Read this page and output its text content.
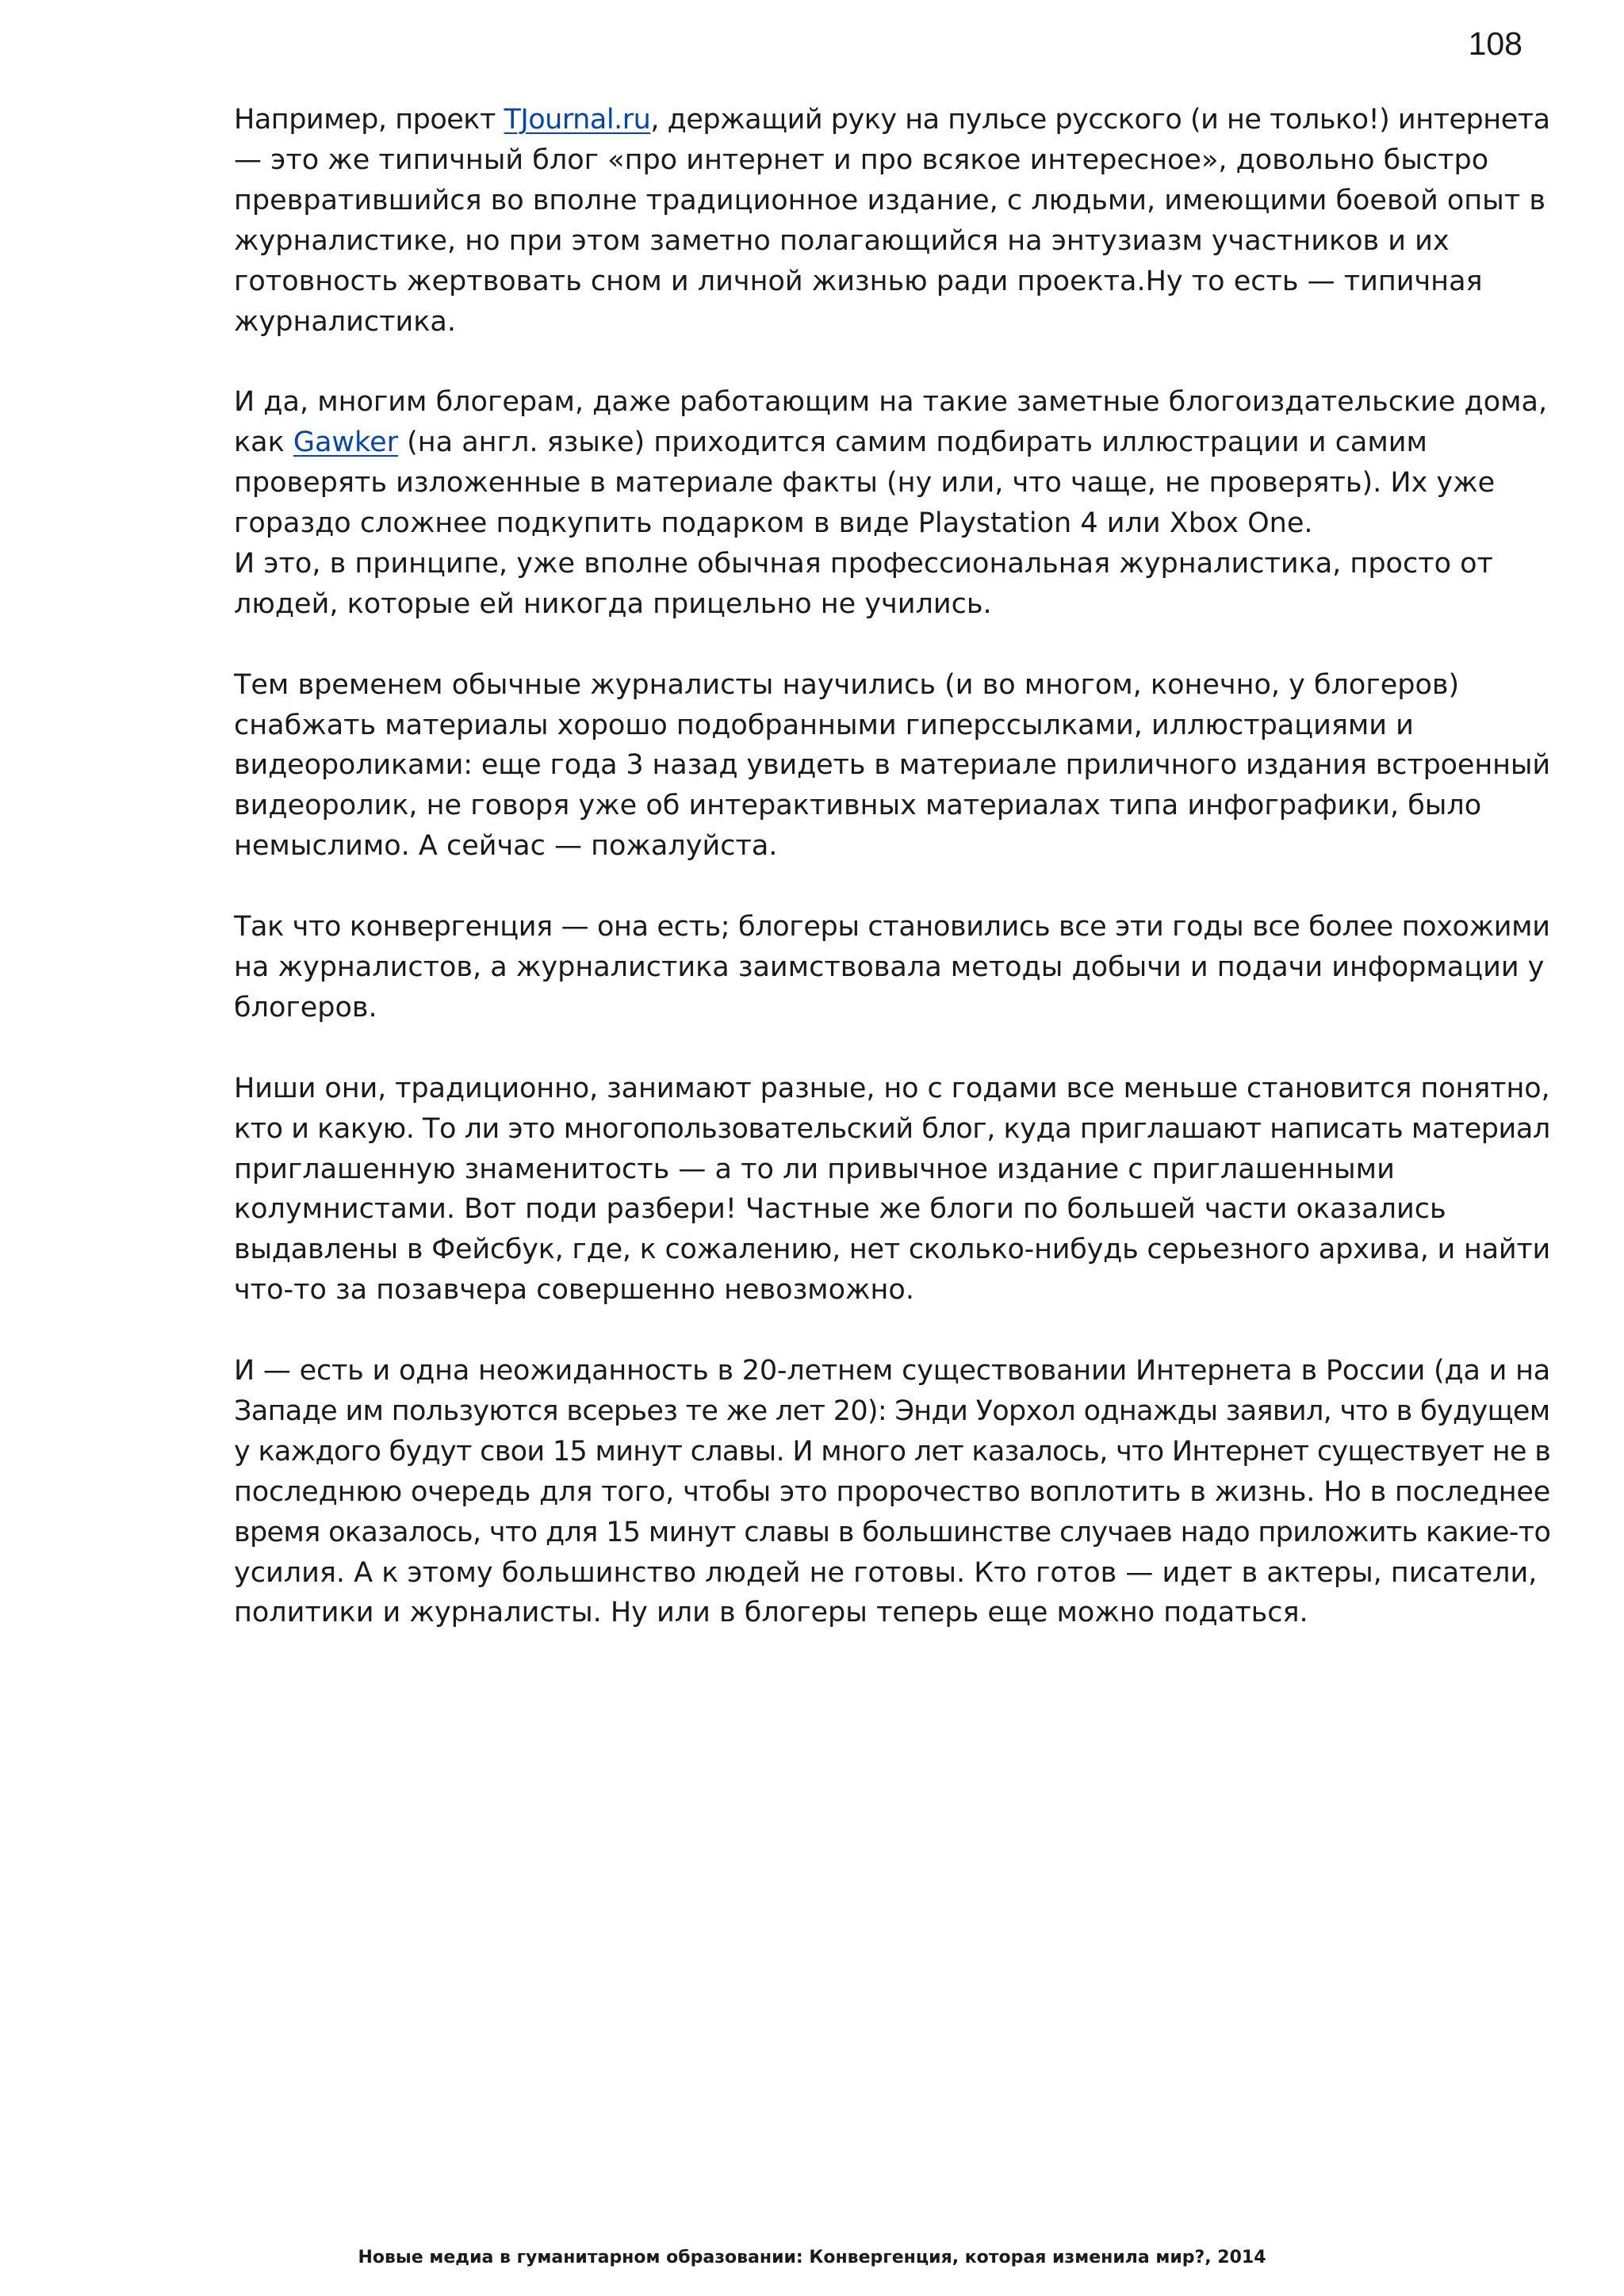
108
Например, проект TJournal.ru, держащий руку на пульсе русского (и не только!) интернета
— это же типичный блог «про интернет и про всякое интересное», довольно быстро
превратившийся во вполне традиционное издание, с людьми, имеющими боевой опыт в
журналистике, но при этом заметно полагающийся на энтузиазм участников и их
готовность жертвовать сном и личной жизнью ради проекта.Ну то есть — типичная
журналистика.
И да, многим блогерам, даже работающим на такие заметные блогоиздательские дома,
как Gawker (на англ. языке) приходится самим подбирать иллюстрации и самим
проверять изложенные в материале факты (ну или, что чаще, не проверять). Их уже
гораздо сложнее подкупить подарком в виде Playstation 4 или Xbox One.
И это, в принципе, уже вполне обычная профессиональная журналистика, просто от
людей, которые ей никогда прицельно не учились.
Тем временем обычные журналисты научились (и во многом, конечно, у блогеров)
снабжать материалы хорошо подобранными гиперссылками, иллюстрациями и
видеороликами: еще года 3 назад увидеть в материале приличного издания встроенный
видеоролик, не говоря уже об интерактивных материалах типа инфографики, было
немыслимо. А сейчас — пожалуйста.
Так что конвергенция — она есть; блогеры становились все эти годы все более похожими
на журналистов, а журналистика заимствовала методы добычи и подачи информации у
блогеров.
Ниши они, традиционно, занимают разные, но с годами все меньше становится понятно,
кто и какую. То ли это многопользовательский блог, куда приглашают написать материал
приглашенную знаменитость — а то ли привычное издание с приглашенными
колумнистами. Вот поди разбери! Частные же блоги по большей части оказались
выдавлены в Фейсбук, где, к сожалению, нет сколько-нибудь серьезного архива, и найти
что-то за позавчера совершенно невозможно.
И — есть и одна неожиданность в 20-летнем существовании Интернета в России (да и на
Западе им пользуются всерьез те же лет 20): Энди Уорхол однажды заявил, что в будущем
у каждого будут свои 15 минут славы. И много лет казалось, что Интернет существует не в
последнюю очередь для того, чтобы это пророчество воплотить в жизнь. Но в последнее
время оказалось, что для 15 минут славы в большинстве случаев надо приложить какие-то
усилия. А к этому большинство людей не готовы. Кто готов — идет в актеры, писатели,
политики и журналисты. Ну или в блогеры теперь еще можно податься.
Новые медиа в гуманитарном образовании: Конвергенция, которая изменила мир?, 2014
